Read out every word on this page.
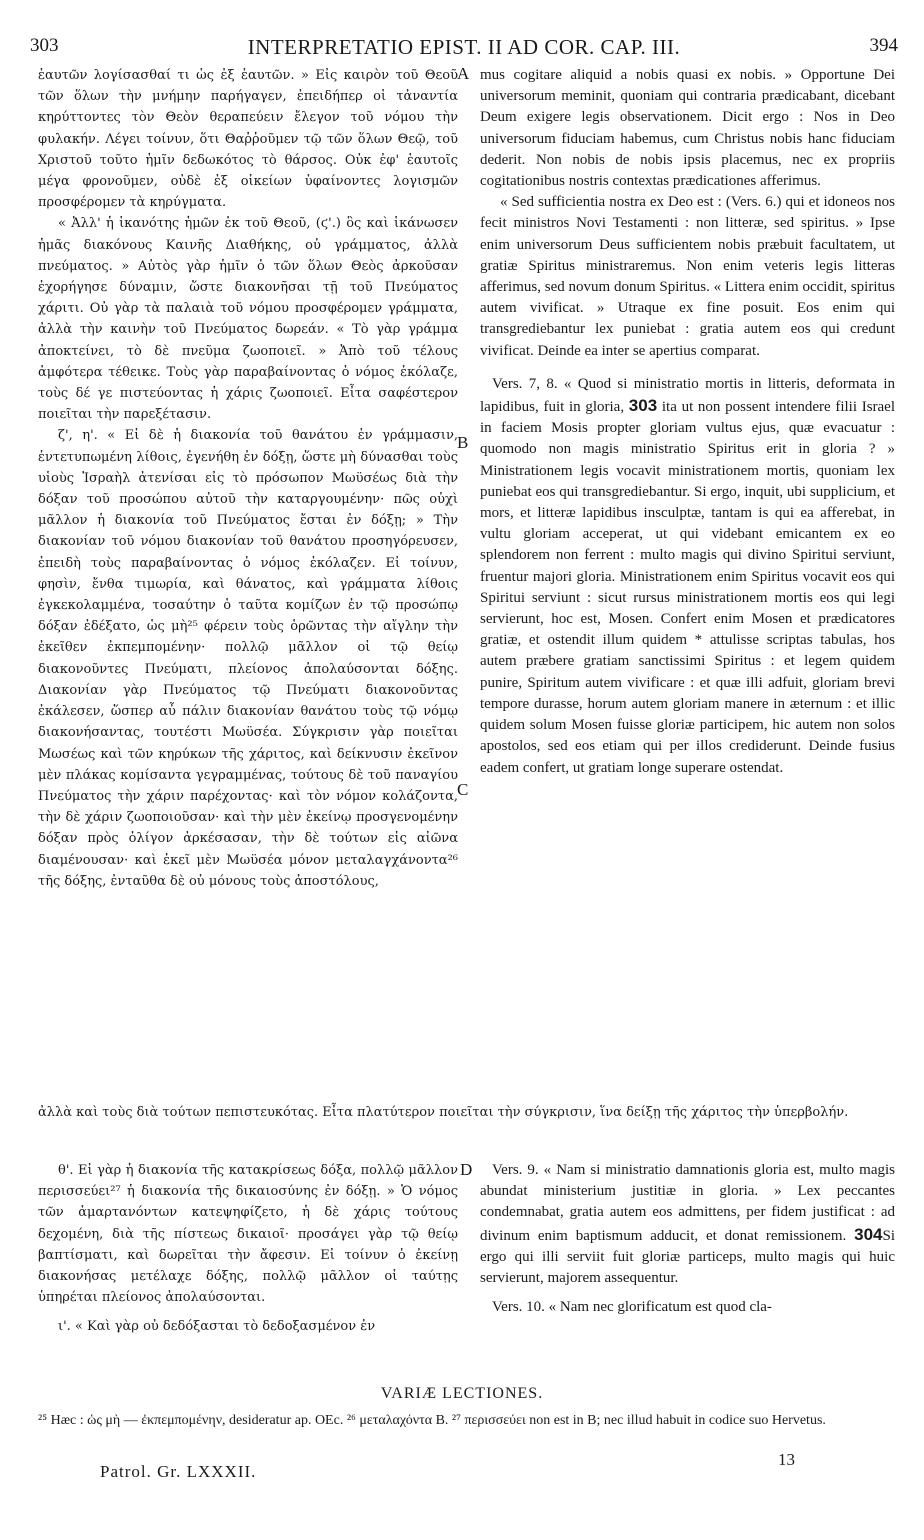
303	INTERPRETATIO EPIST. II AD COR. CAP. III.	394
A
B
C
D

ἑαυτῶν λογίσασθαί τι ὡς ἐξ ἑαυτῶν. » Εἰς καιρὸν τοῦ Θεοῦ τῶν ὅλων τὴν μνήμην παρήγαγεν, ἐπειδήπερ οἱ τἀναντία κηρύττοντες τὸν Θεὸν θεραπεύειν ἔλεγον τοῦ νόμου τὴν φυλακήν. Λέγει τοίνυν, ὅτι Θαῤῥοῦμεν τῷ τῶν ὅλων Θεῷ, τοῦ Χριστοῦ τοῦτο ἡμῖν δεδωκότος τὸ θάρσος. Οὐκ ἐφ' ἑαυτοῖς μέγα φρονοῦμεν, οὐδὲ ἐξ οἰκείων ὑφαίνοντες λογισμῶν προσφέρομεν τὰ κηρύγματα.

« Ἀλλ' ἡ ἱκανότης ἡμῶν ἐκ τοῦ Θεοῦ, (ϛ'.) ὃς καὶ ἱκάνωσεν ἡμᾶς διακόνους Καινῆς Διαθήκης, οὐ γράμματος, ἀλλὰ πνεύματος. » Αὐτὸς γὰρ ἡμῖν ὁ τῶν ὅλων Θεὸς ἀρκοῦσαν ἐχορήγησε δύναμιν, ὥστε διακονῆσαι τῇ τοῦ Πνεύματος χάριτι. Οὐ γὰρ τὰ παλαιὰ τοῦ νόμου προσφέρομεν γράμματα, ἀλλὰ τὴν καινὴν τοῦ Πνεύματος δωρεάν. « Τὸ γὰρ γράμμα ἀποκτείνει, τὸ δὲ πνεῦμα ζωοποιεῖ. » Ἀπὸ τοῦ τέλους ἀμφότερα τέθεικε. Τοὺς γὰρ παραβαίνοντας ὁ νόμος ἐκόλαζε, τοὺς δέ γε πιστεύοντας ἡ χάρις ζωοποιεῖ. Εἶτα σαφέστερον ποιεῖται τὴν παρεξέτασιν.

ζ', η'. « Εἰ δὲ ἡ διακονία τοῦ θανάτου ἐν γράμμασιν, ἐντετυπωμένη λίθοις, ἐγενήθη ἐν δόξῃ, ὥστε μὴ δύνασθαι τοὺς υἱοὺς Ἰσραὴλ ἀτενίσαι εἰς τὸ πρόσωπον Μωϋσέως διὰ τὴν δόξαν τοῦ προσώπου αὐτοῦ τὴν καταργουμένην· πῶς οὐχὶ μᾶλλον ἡ διακονία τοῦ Πνεύματος ἔσται ἐν δόξῃ; » Τὴν διακονίαν τοῦ νόμου διακονίαν τοῦ θανάτου προσηγόρευσεν, ἐπειδὴ τοὺς παραβαίνοντας ὁ νόμος ἐκόλαζεν. Εἰ τοίνυν, φησὶν, ἔνθα τιμωρία, καὶ θάνατος, καὶ γράμματα λίθοις ἐγκεκολαμμένα, τοσαύτην ὁ ταῦτα κομίζων ἐν τῷ προσώπῳ δόξαν ἐδέξατο, ὡς μὴ²⁵ φέρειν τοὺς ὁρῶντας τὴν αἴγλην τὴν ἐκεῖθεν ἐκπεμπομένην· πολλῷ μᾶλλον οἱ τῷ θείῳ διακονοῦντες Πνεύματι, πλείονος ἀπολαύσονται δόξης. Διακονίαν γὰρ Πνεύματος τῷ Πνεύματι διακονοῦντας ἐκάλεσεν, ὥσπερ αὖ πάλιν διακονίαν θανάτου τοὺς τῷ νόμῳ διακονήσαντας, τουτέστι Μωϋσέα. Σύγκρισιν γὰρ ποιεῖται Μωσέως καὶ τῶν κηρύκων τῆς χάριτος, καὶ δείκνυσιν ἐκεῖνον μὲν πλάκας κομίσαντα γεγραμμένας, τούτους δὲ τοῦ παναγίου Πνεύματος τὴν χάριν παρέχοντας· καὶ τὸν νόμον κολάζοντα, τὴν δὲ χάριν ζωοποιοῦσαν· καὶ τὴν μὲν ἐκείνῳ προσγενομένην δόξαν πρὸς ὀλίγον ἀρκέσασαν, τὴν δὲ τούτων εἰς αἰῶνα διαμένουσαν· καὶ ἐκεῖ μὲν Μωϋσέα μόνον μεταλαγχάνοντα²⁶ τῆς δόξης, ἐνταῦθα δὲ οὐ μόνους τοὺς ἀποστόλους,

mus cogitare aliquid a nobis quasi ex nobis. » Opportune Dei universorum meminit, quoniam qui contraria prædicabant, dicebant Deum exigere legis observationem. Dicit ergo : Nos in Deo universorum fiduciam habemus, cum Christus nobis hanc fiduciam dederit. Non nobis de nobis ipsis placemus, nec ex propriis cogitationibus nostris contextas prædicationes afferimus.

« Sed sufficientia nostra ex Deo est : (Vers. 6.) qui et idoneos nos fecit ministros Novi Testamenti : non litteræ, sed spiritus. » Ipse enim universorum Deus sufficientem nobis præbuit facultatem, ut gratiæ Spiritus ministraremus. Non enim veteris legis litteras afferimus, sed novum donum Spiritus. « Littera enim occidit, spiritus autem vivificat. » Utraque ex fine posuit. Eos enim qui transgrediebantur lex puniebat : gratia autem eos qui credunt vivificat. Deinde ea inter se apertius comparat.

Vers. 7, 8. « Quod si ministratio mortis in litteris, deformata in lapidibus, fuit in gloria, 303 ita ut non possent intendere filii Israel in faciem Mosis propter gloriam vultus ejus, quæ evacuatur : quomodo non magis ministratio Spiritus erit in gloria ? » Ministrationem legis vocavit ministrationem mortis, quoniam lex puniebat eos qui transgrediebantur. Si ergo, inquit, ubi supplicium, et mors, et litteræ lapidibus insculptæ, tantam is qui ea afferebat, in vultu gloriam acceperat, ut qui videbant emicantem ex eo splendorem non ferrent : multo magis qui divino Spiritui serviunt, fruentur majori gloria. Ministrationem enim Spiritus vocavit eos qui Spiritui serviunt : sicut rursus ministrationem mortis eos qui legi servierunt, hoc est, Mosen. Confert enim Mosen et prædicatores gratiæ, et ostendit illum quidem * attulisse scriptas tabulas, hos autem præbere gratiam sanctissimi Spiritus : et legem quidem punire, Spiritum autem vivificare : et quæ illi adfuit, gloriam brevi tempore durasse, horum autem gloriam manere in æternum : et illic quidem solum Mosen fuisse gloriæ participem, hic autem non solos apostolos, sed eos etiam qui per illos crediderunt. Deinde fusius eadem confert, ut gratiam longe superare ostendat.

ἀλλὰ καὶ τοὺς διὰ τούτων πεπιστευκότας. Εἶτα πλατύτερον ποιεῖται τὴν σύγκρισιν, ἵνα δείξῃ τῆς χάριτος τὴν ὑπερβολήν.

θ'. Εἰ γὰρ ἡ διακονία τῆς κατακρίσεως δόξα, πολλῷ μᾶλλον περισσεύει²⁷ ἡ διακονία τῆς δικαιοσύνης ἐν δόξῃ. » Ὁ νόμος τῶν ἁμαρτανόντων κατεψηφίζετο, ἡ δὲ χάρις τούτους δεχομένη, διὰ τῆς πίστεως δικαιοῖ· προσάγει γὰρ τῷ θείῳ βαπτίσματι, καὶ δωρεῖται τὴν ἄφεσιν. Εἰ τοίνυν ὁ ἐκείνῃ διακονήσας μετέλαχε δόξης, πολλῷ μᾶλλον οἱ ταύτῃς ὑπηρέται πλείονος ἀπολαύσονται.

ι'. « Καὶ γὰρ οὐ δεδόξασται τὸ δεδοξασμένον ἐν

Vers. 9. « Nam si ministratio damnationis gloria est, multo magis abundat ministerium justitiæ in gloria. » Lex peccantes condemnabat, gratia autem eos admittens, per fidem justificat : ad divinum enim baptismum adducit, et donat remissionem. 304Si ergo qui illi serviit fuit gloriæ particeps, multo magis qui huic servierunt, majorem assequentur.

Vers. 10. « Nam nec glorificatum est quod cla-

VARIÆ LECTIONES.
²⁵ Hæc : ὡς μὴ — ἐκπεμπομένην, desideratur ap. OEc. ²⁶ μεταλαχόντα B. ²⁷ περισσεύει non est in B; nec illud habuit in codice suo Hervetus.
Patrol. Gr. LXXXII.
13
